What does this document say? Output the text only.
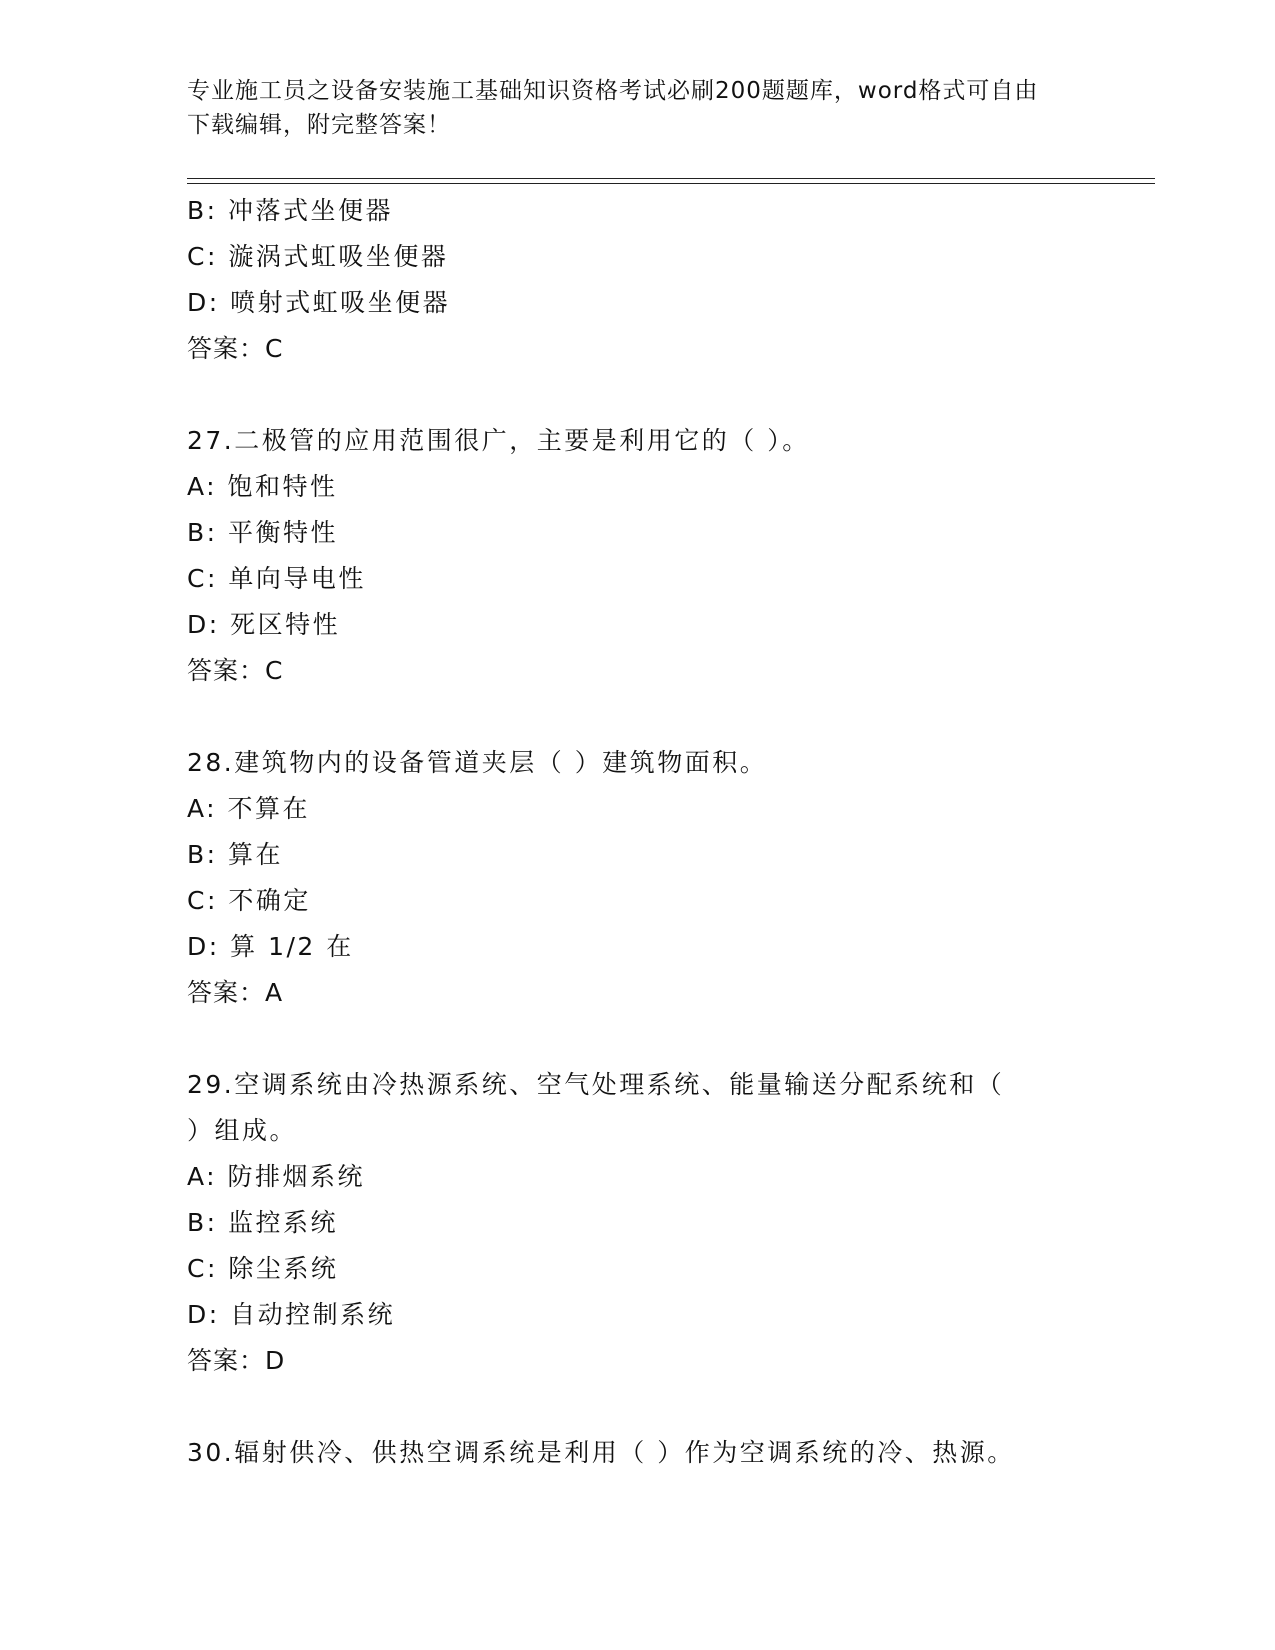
专业施工员之设备安装施工基础知识资格考试必刷200题题库，word格式可自由
下载编辑，附完整答案！
B: 冲落式坐便器
C: 漩涡式虹吸坐便器
D: 喷射式虹吸坐便器
答案：C
27.二极管的应用范围很广，主要是利用它的（ ）。
A: 饱和特性
B: 平衡特性
C: 单向导电性
D: 死区特性
答案：C
28.建筑物内的设备管道夹层（ ）建筑物面积。
A: 不算在
B: 算在
C: 不确定
D: 算 1/2 在
答案：A
29.空调系统由冷热源系统、空气处理系统、能量输送分配系统和（
）组成。
A: 防排烟系统
B: 监控系统
C: 除尘系统
D: 自动控制系统
答案：D
30.辐射供冷、供热空调系统是利用（ ）作为空调系统的冷、热源。
